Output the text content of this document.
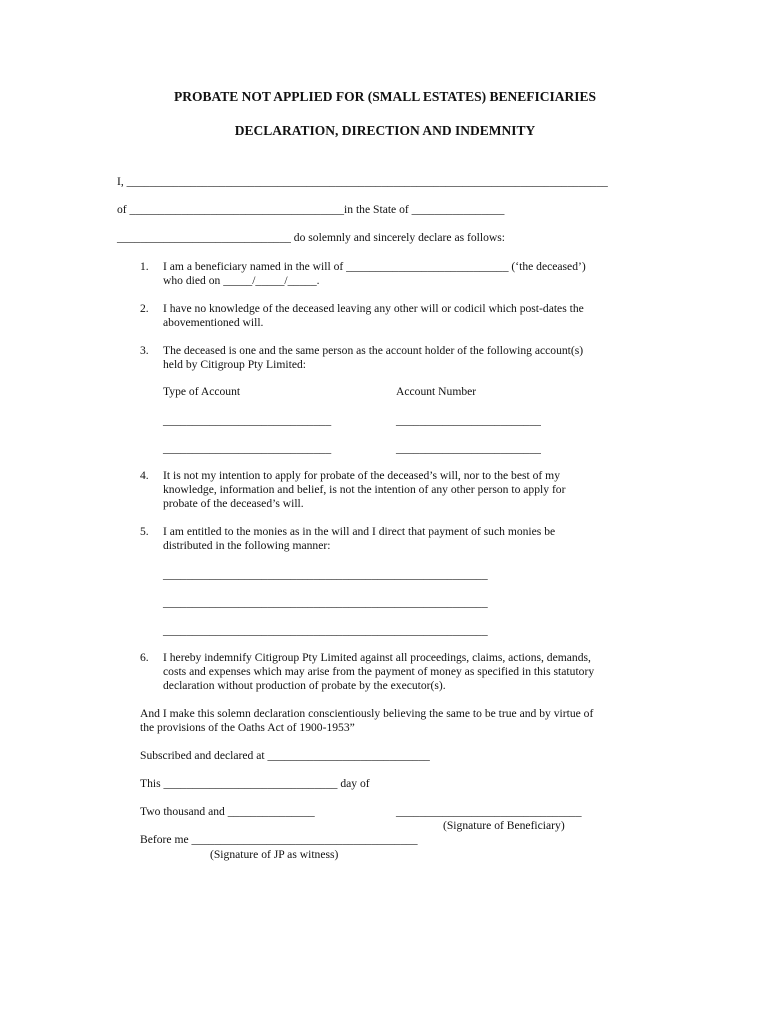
PROBATE NOT APPLIED FOR (SMALL ESTATES) BENEFICIARIES
DECLARATION, DIRECTION AND INDEMNITY
I, ___________________________________________________________________________________
of _____________________________________in the State of ________________
______________________________ do solemnly and sincerely declare as follows:
1. I am a beneficiary named in the will of ____________________________ (‘the deceased’)
who died on _____/_____/_____.
2. I have no knowledge of the deceased leaving any other will or codicil which post-dates the
abovementioned will.
3. The deceased is one and the same person as the account holder of the following account(s)
held by Citigroup Pty Limited:
Type of Account	Account Number
_____________________________	_________________________
_____________________________	_________________________
4. It is not my intention to apply for probate of the deceased’s will, nor to the best of my
knowledge, information and belief, is not the intention of any other person to apply for
probate of the deceased’s will.
5. I am entitled to the monies as in the will and I direct that payment of such monies be
distributed in the following manner:
________________________________________________________
________________________________________________________
________________________________________________________
6. I hereby indemnify Citigroup Pty Limited against all proceedings, claims, actions, demands,
costs and expenses which may arise from the payment of money as specified in this statutory
declaration without production of probate by the executor(s).
And I make this solemn declaration conscientiously believing the same to be true and by virtue of
the provisions of the Oaths Act of 1900-1953”
Subscribed and declared at ____________________________
This ______________________________ day of
Two thousand and _______________	________________________________
(Signature of Beneficiary)
Before me _______________________________________
(Signature of JP as witness)
